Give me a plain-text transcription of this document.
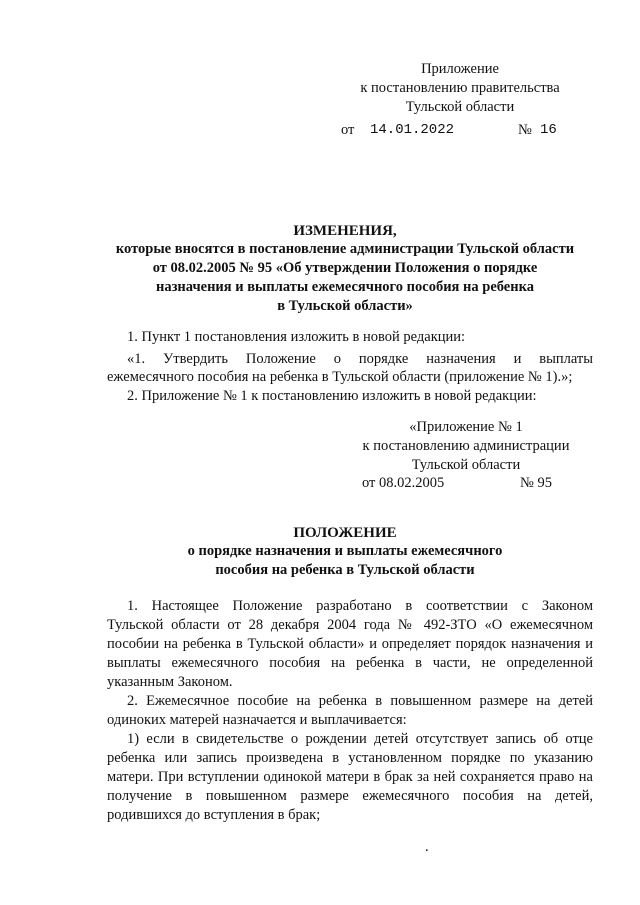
Приложение
к постановлению правительства
Тульской области
от 14.01.2022	№ 16
ИЗМЕНЕНИЯ,
которые вносятся в постановление администрации Тульской области
от 08.02.2005 № 95 «Об утверждении Положения о порядке
назначения и выплаты ежемесячного пособия на ребенка
в Тульской области»
1. Пункт 1 постановления изложить в новой редакции:
«1. Утвердить Положение о порядке назначения и выплаты
ежемесячного пособия на ребенка в Тульской области (приложение № 1).»;
2. Приложение № 1 к постановлению изложить в новой редакции:
«Приложение № 1
к постановлению администрации
Тульской области
от 08.02.2005	№ 95
ПОЛОЖЕНИЕ
о порядке назначения и выплаты ежемесячного
пособия на ребенка в Тульской области
1. Настоящее Положение разработано в соответствии с Законом
Тульской области от 28 декабря 2004 года № 492-ЗТО «О ежемесячном
пособии на ребенка в Тульской области» и определяет порядок назначения и
выплаты ежемесячного пособия на ребенка в части, не определенной
указанным Законом.
2. Ежемесячное пособие на ребенка в повышенном размере на детей
одиноких матерей назначается и выплачивается:
1) если в свидетельстве о рождении детей отсутствует запись об отце
ребенка или запись произведена в установленном порядке по указанию
матери. При вступлении одинокой матери в брак за ней сохраняется право на
получение в повышенном размере ежемесячного пособия на детей,
родившихся до вступления в брак;
.
